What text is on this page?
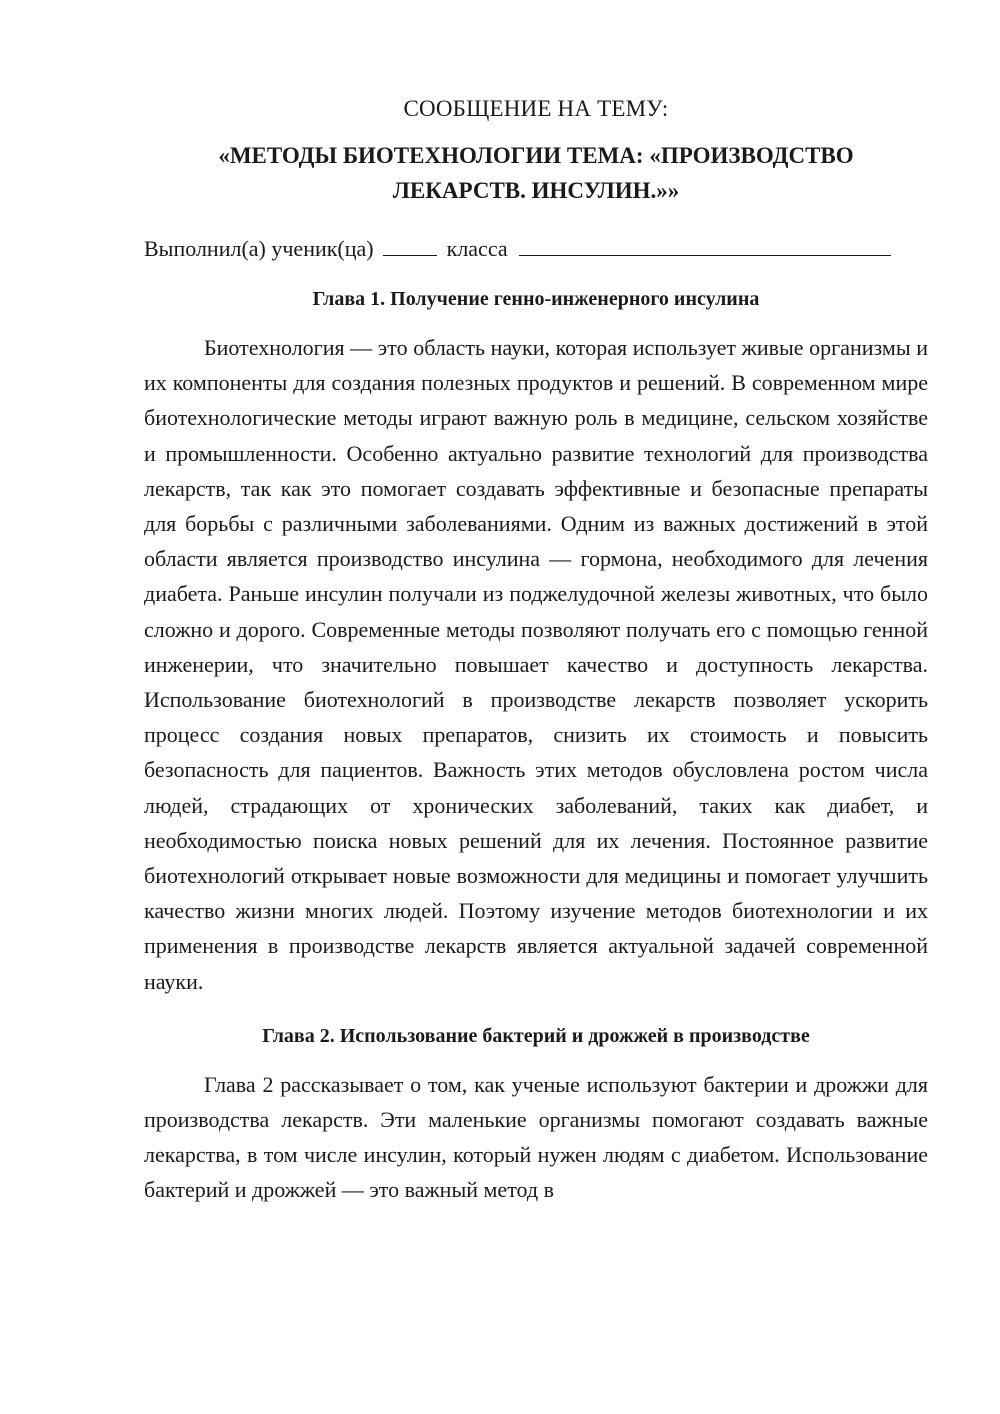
СООБЩЕНИЕ НА ТЕМУ:

«МЕТОДЫ БИОТЕХНОЛОГИИ ТЕМА: «ПРОИЗВОДСТВО ЛЕКАРСТВ. ИНСУЛИН.»»

Выполнил(а) ученик(ца)	класса

Глава 1. Получение генно-инженерного инсулина

Биотехнология — это область науки, которая использует живые организмы и их компоненты для создания полезных продуктов и решений. В современном мире биотехнологические методы играют важную роль в медицине, сельском хозяйстве и промышленности. Особенно актуально развитие технологий для производства лекарств, так как это помогает создавать эффективные и безопасные препараты для борьбы с различными заболеваниями. Одним из важных достижений в этой области является производство инсулина — гормона, необходимого для лечения диабета. Раньше инсулин получали из поджелудочной железы животных, что было сложно и дорого. Современные методы позволяют получать его с помощью генной инженерии, что значительно повышает качество и доступность лекарства. Использование биотехнологий в производстве лекарств позволяет ускорить процесс создания новых препаратов, снизить их стоимость и повысить безопасность для пациентов. Важность этих методов обусловлена ростом числа людей, страдающих от хронических заболеваний, таких как диабет, и необходимостью поиска новых решений для их лечения. Постоянное развитие биотехнологий открывает новые возможности для медицины и помогает улучшить качество жизни многих людей. Поэтому изучение методов биотехнологии и их применения в производстве лекарств является актуальной задачей современной науки.

Глава 2. Использование бактерий и дрожжей в производстве

Глава 2 рассказывает о том, как ученые используют бактерии и дрожжи для производства лекарств. Эти маленькие организмы помогают создавать важные лекарства, в том числе инсулин, который нужен людям с диабетом. Использование бактерий и дрожжей — это важный метод в
